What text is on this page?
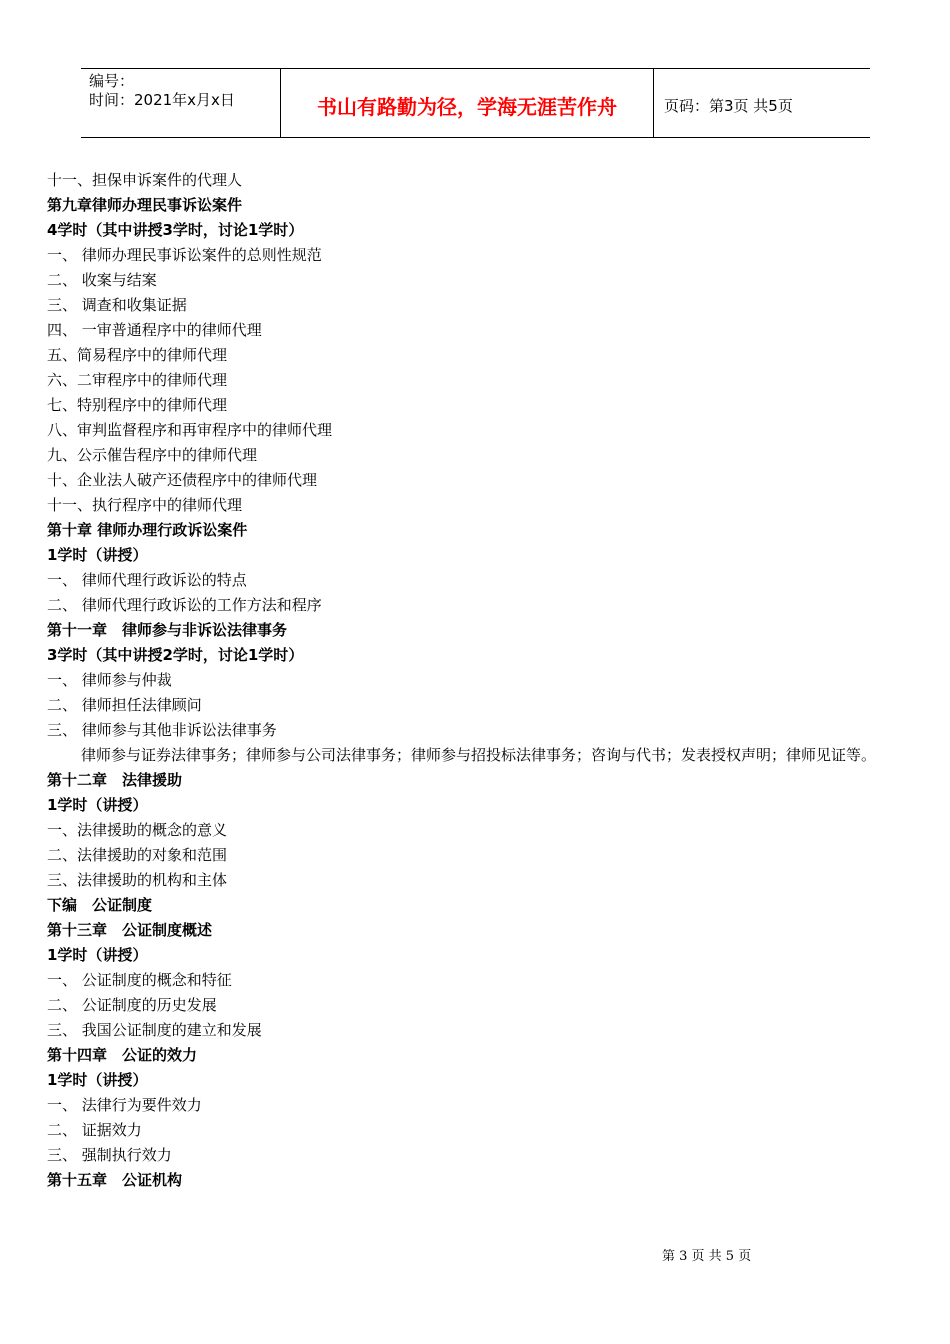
编号：
时间：2021年x月x日	书山有路勤为径，学海无涯苦作舟	页码：第3页 共5页
十一、担保申诉案件的代理人
第九章律师办理民事诉讼案件
4学时（其中讲授3学时，讨论1学时）
一、 律师办理民事诉讼案件的总则性规范
二、 收案与结案
三、 调查和收集证据
四、 一审普通程序中的律师代理
五、简易程序中的律师代理
六、二审程序中的律师代理
七、特别程序中的律师代理
八、审判监督程序和再审程序中的律师代理
九、公示催告程序中的律师代理
十、企业法人破产还债程序中的律师代理
十一、执行程序中的律师代理
第十章 律师办理行政诉讼案件
1学时（讲授）
一、 律师代理行政诉讼的特点
二、 律师代理行政诉讼的工作方法和程序
第十一章　律师参与非诉讼法律事务
3学时（其中讲授2学时，讨论1学时）
一、 律师参与仲裁
二、 律师担任法律顾问
三、 律师参与其他非诉讼法律事务
律师参与证券法律事务；律师参与公司法律事务；律师参与招投标法律事务；咨询与代书；发表授权声明；律师见证等。
第十二章　法律援助
1学时（讲授）
一、法律援助的概念的意义
二、法律援助的对象和范围
三、法律援助的机构和主体
下编　公证制度
第十三章　公证制度概述
1学时（讲授）
一、 公证制度的概念和特征
二、 公证制度的历史发展
三、 我国公证制度的建立和发展
第十四章　公证的效力
1学时（讲授）
一、 法律行为要件效力
二、 证据效力
三、 强制执行效力
第十五章　公证机构
第 3 页 共 5 页
